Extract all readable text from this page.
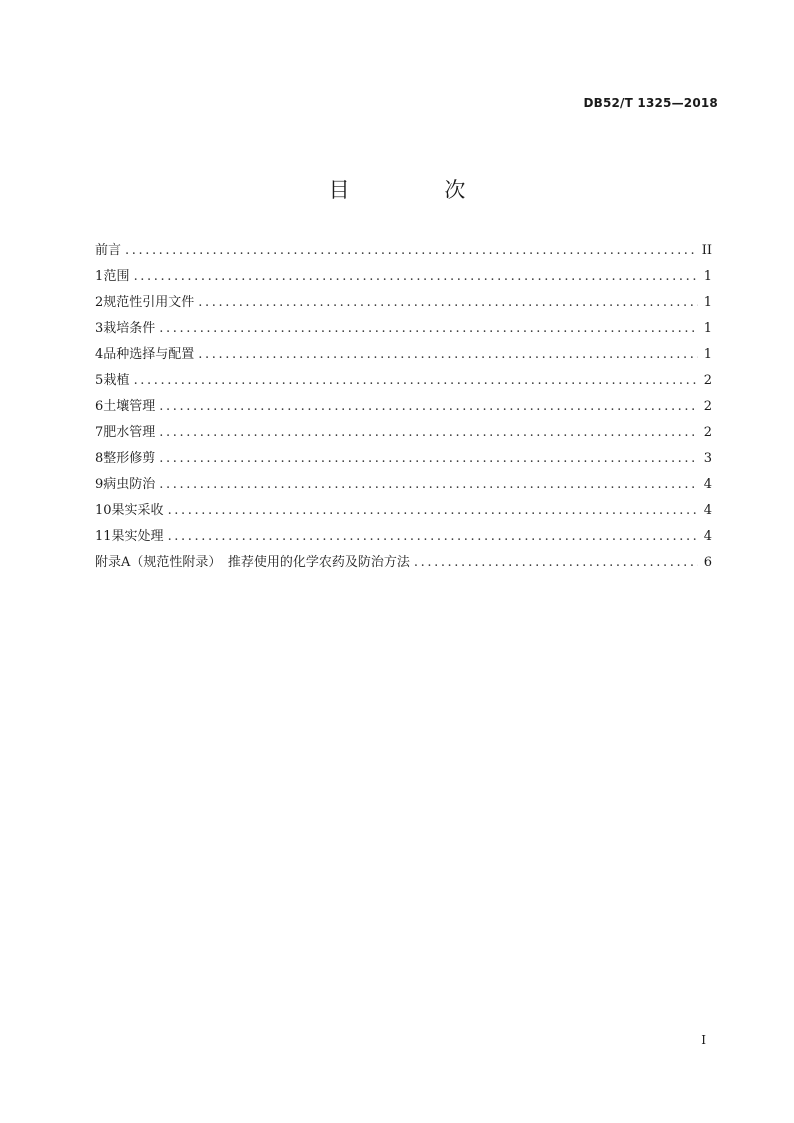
DB52/T 1325—2018
目 次
前言 .....	II
1 范围 .....	1
2 规范性引用文件 .....	1
3 栽培条件 .....	1
4 品种选择与配置 .....	1
5 栽植 .....	2
6 土壤管理 .....	2
7 肥水管理 .....	2
8 整形修剪 .....	3
9 病虫防治 .....	4
10 果实采收 .....	4
11 果实处理 .....	4
附录A（规范性附录）　推荐使用的化学农药及防治方法 .....	6
I
